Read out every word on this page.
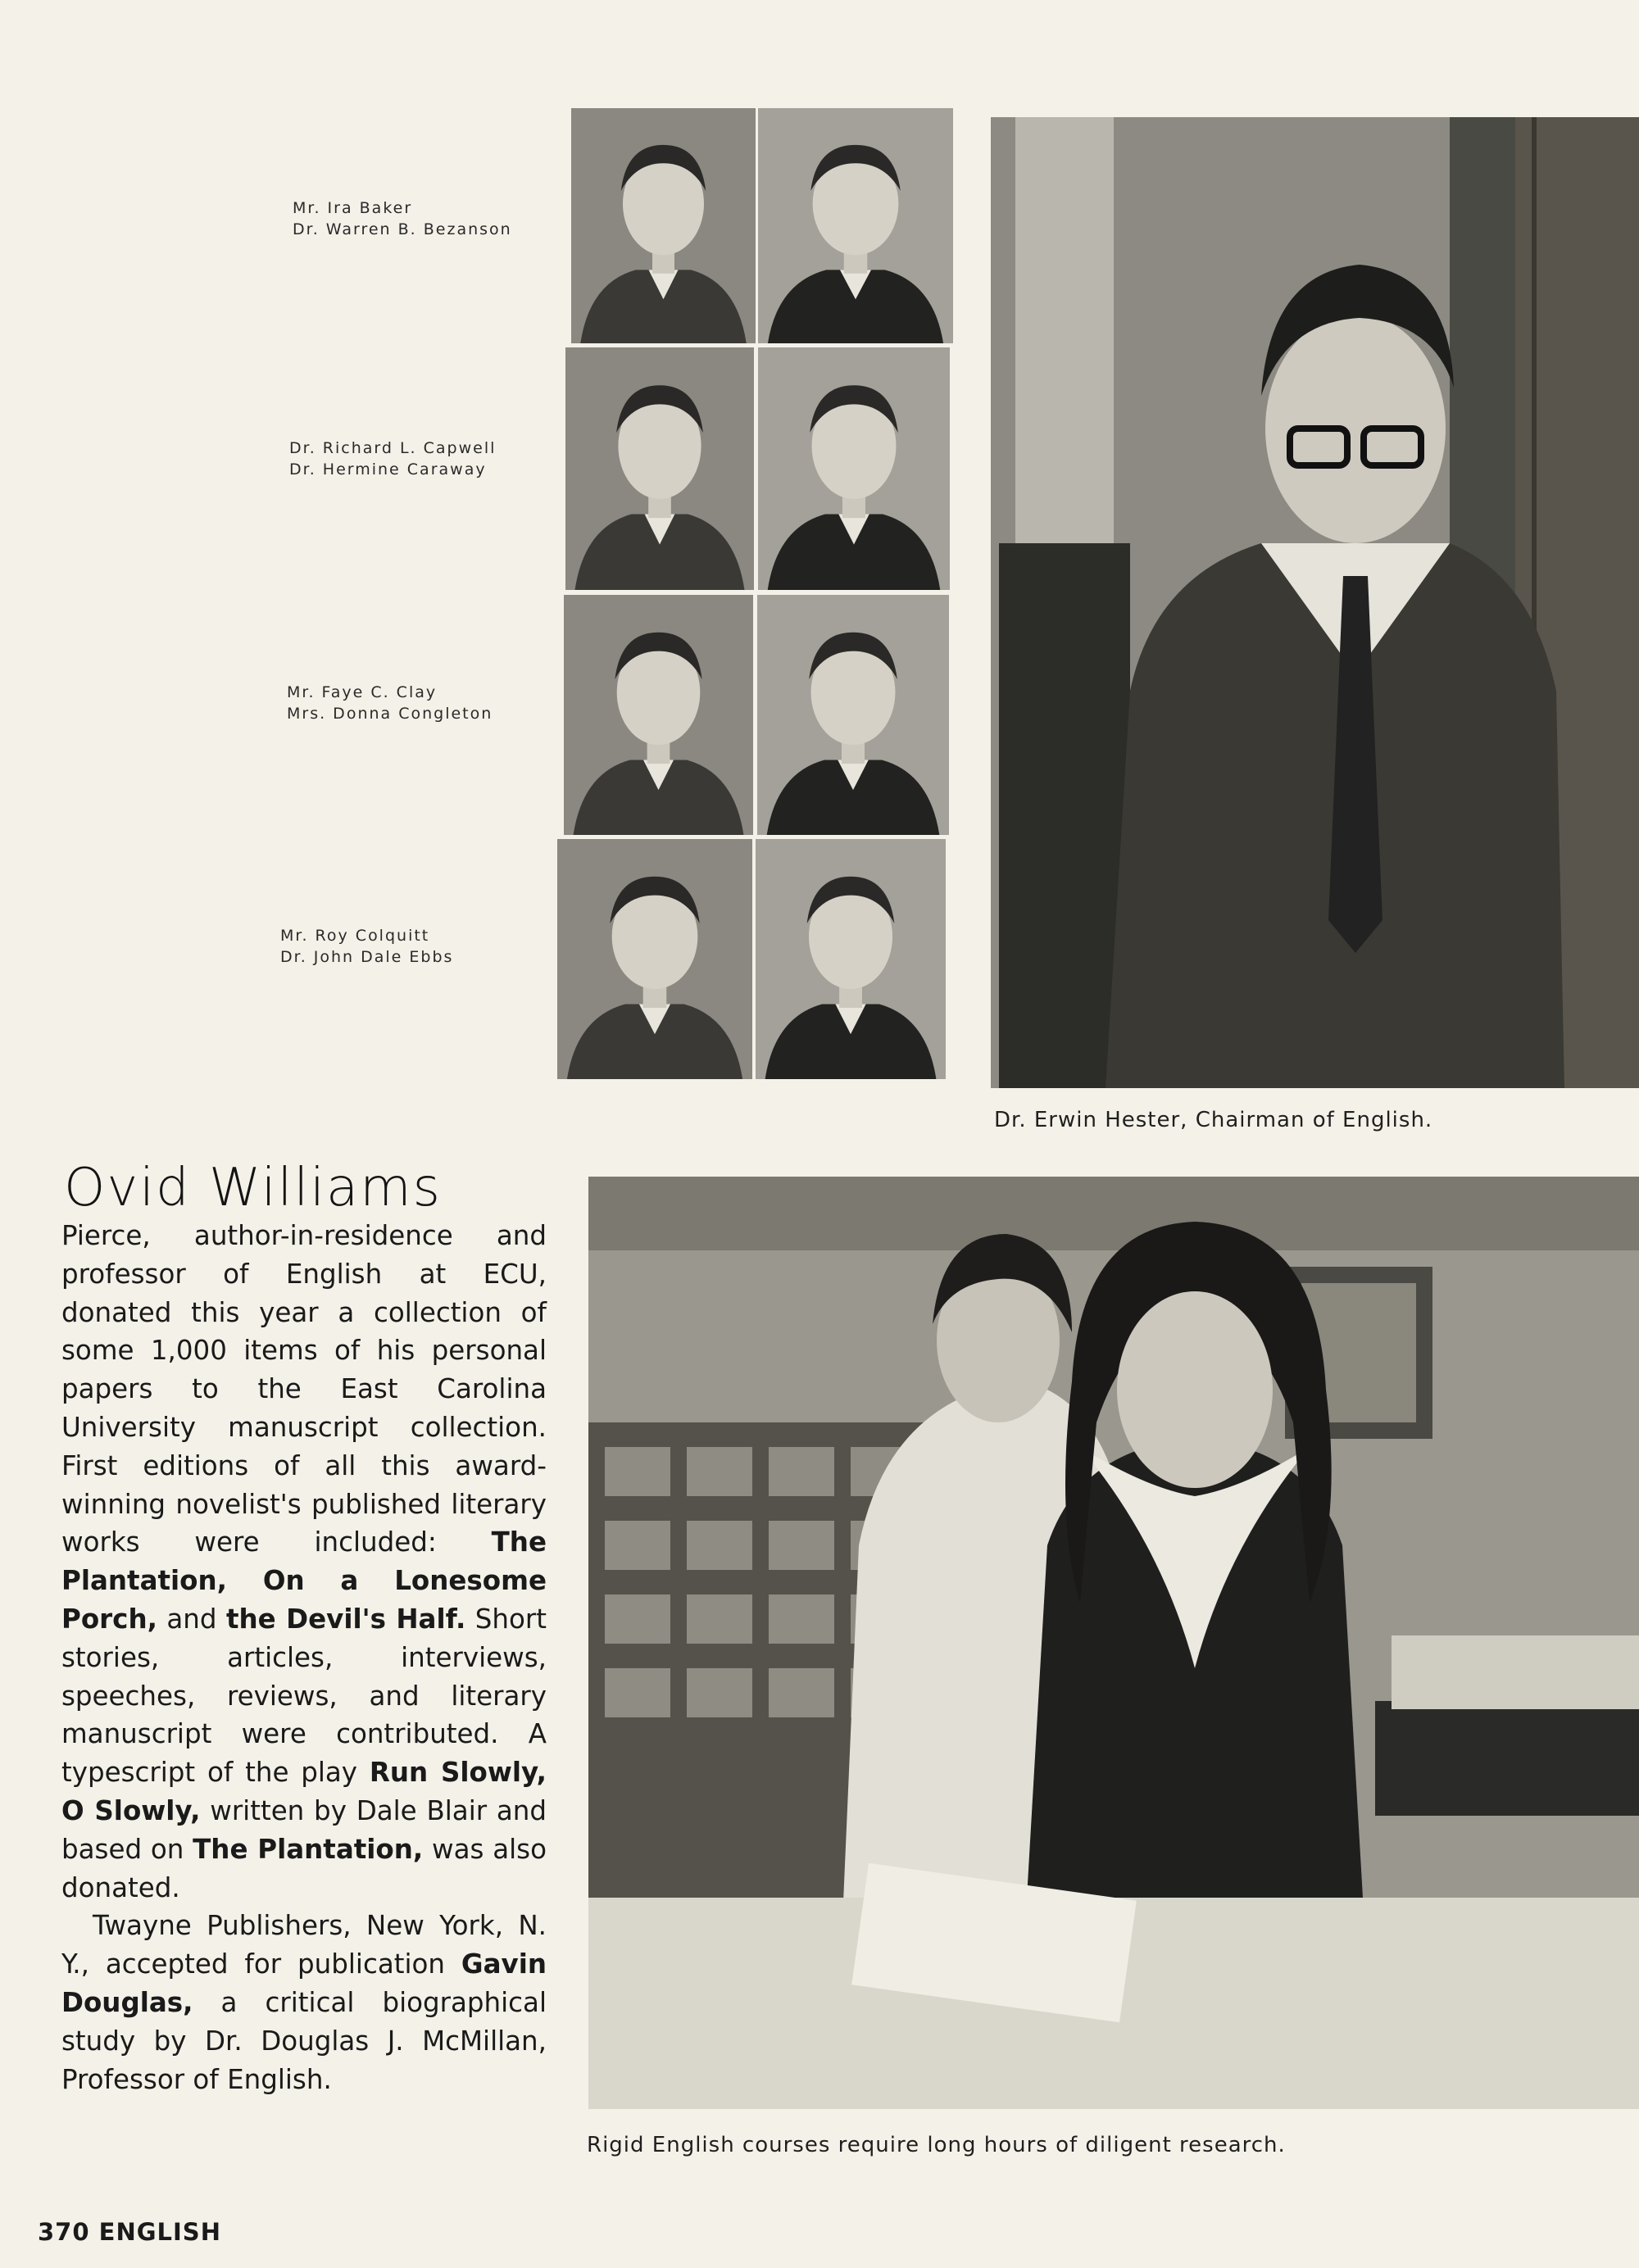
Mr. Ira Baker
Dr. Warren B. Bezanson
Dr. Richard L. Capwell
Dr. Hermine Caraway
Mr. Faye C. Clay
Mrs. Donna Congleton
Mr. Roy Colquitt
Dr. John Dale Ebbs
Dr. Erwin Hester, Chairman of English.
Ovid Williams

Pierce, author-in-residence and professor of English at ECU, donated this year a collection of some 1,000 items of his personal papers to the East Carolina University manuscript collection. First editions of all this award-winning novelist's published literary works were included: The Plantation, On a Lonesome Porch, and the Devil's Half. Short stories, articles, interviews, speeches, reviews, and literary manuscript were contributed. A typescript of the play Run Slowly, O Slowly, written by Dale Blair and based on The Plantation, was also donated.

Twayne Publishers, New York, N. Y., accepted for publication Gavin Douglas, a critical biographical study by Dr. Douglas J. McMillan, Professor of English.

Rigid English courses require long hours of diligent research.
370 ENGLISH
